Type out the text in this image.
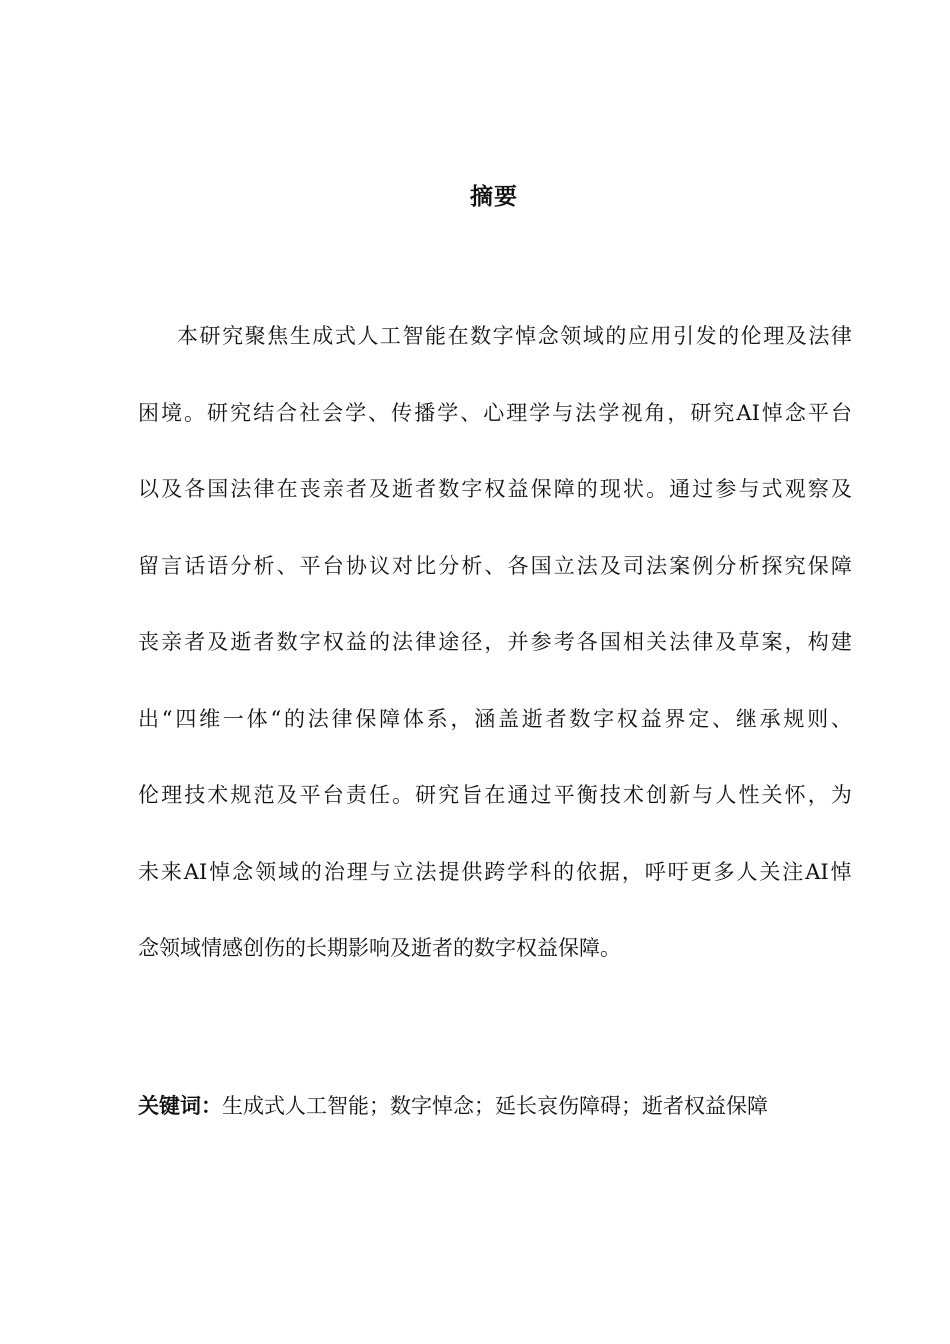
摘要
本 研 究 聚 焦 生 成 式 人 工 智 能 在 数 字 悼 念 领 域 的 应 用 引 发 的 伦 理 及 法 律
困 境 。 研 究 结 合 社 会 学 、 传 播 学 、 心 理 学 与 法 学 视 角 ， 研 究 AI 悼 念 平 台
以 及 各 国 法 律 在 丧 亲 者 及 逝 者 数 字 权 益 保 障 的 现 状 。 通 过 参 与 式 观 察 及
留 言 话 语 分 析 、 平 台 协 议 对 比 分 析 、 各 国 立 法 及 司 法 案 例 分 析 探 究 保 障
丧 亲 者 及 逝 者 数 字 权 益 的 法 律 途 径 ， 并 参 考 各 国 相 关 法 律 及 草 案 ， 构 建
出 “ 四 维 一 体 “ 的 法 律 保 障 体 系 ， 涵 盖 逝 者 数 字 权 益 界 定 、 继 承 规 则 、
伦 理 技 术 规 范 及 平 台 责 任 。 研 究 旨 在 通 过 平 衡 技 术 创 新 与 人 性 关 怀 ， 为
未 来 AI 悼 念 领 域 的 治 理 与 立 法 提 供 跨 学 科 的 依 据 ， 呼 吁 更 多 人 关 注 AI 悼
念领域情感创伤的长期影响及逝者的数字权益保障。
关键词：生成式人工智能；数字悼念；延长哀伤障碍；逝者权益保障
